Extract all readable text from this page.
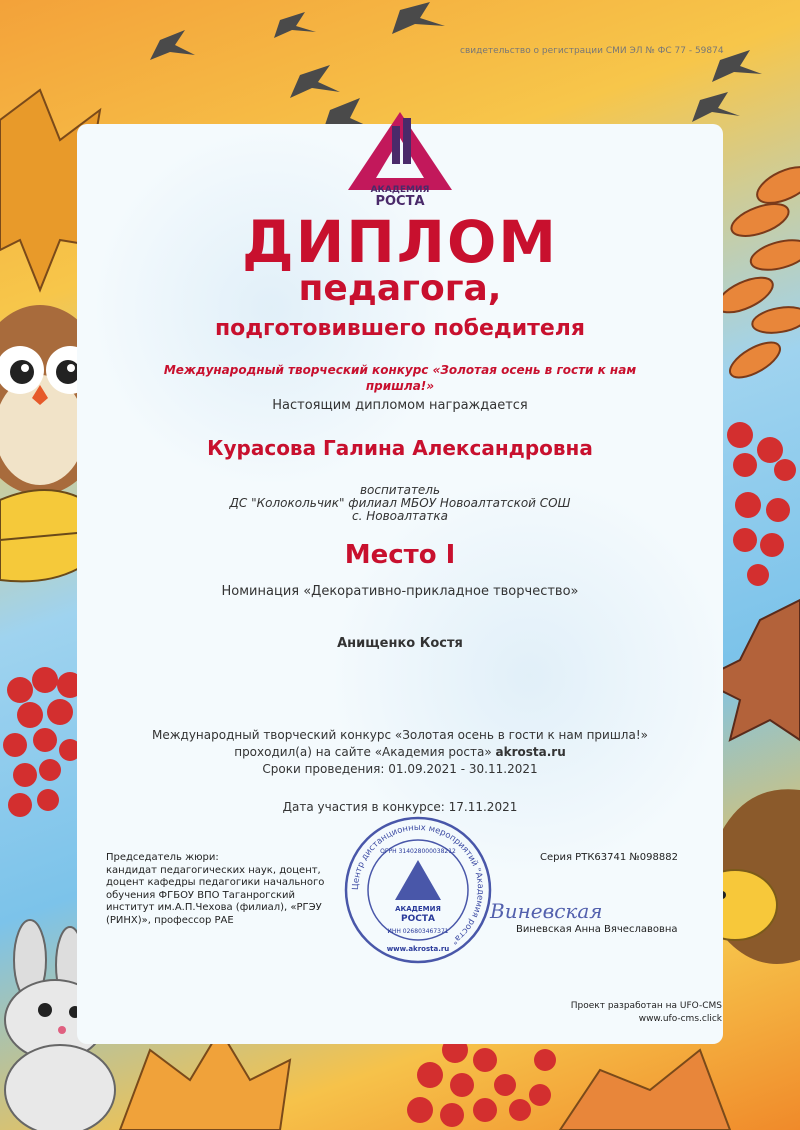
свидетельство о регистрации СМИ ЭЛ № ФС 77 - 59874
АКАДЕМИЯ
РОСТА
ДИПЛОМ
педагога,
подготовившего победителя
Международный творческий конкурс «Золотая осень в гости к нам пришла!»
Настоящим дипломом награждается
Курасова Галина Александровна
воспитатель
ДС "Колокольчик" филиал МБОУ Новоалтатской СОШ
с. Новоалтатка
Место I
Номинация «Декоративно-прикладное творчество»
Анищенко Костя
Международный творческий конкурс «Золотая осень в гости к нам пришла!»
проходил(а) на сайте «Академия роста» akrosta.ru
Сроки проведения: 01.09.2021 - 30.11.2021
Дата участия в конкурсе: 17.11.2021
Председатель жюри:
кандидат педагогических наук, доцент,
доцент кафедры педагогики начального
обучения ФГБОУ ВПО Таганрогский
институт им.А.П.Чехова (филиал), «РГЭУ
(РИНХ)», профессор РАЕ
Серия РТК63741 №098882
Центр дистанционных мероприятий "Академия роста"
АКАДЕМИЯ
РОСТА
ОГРН 314028000038212
ИНН 026803467371
www.akrosta.ru
Виневская
Виневская Анна Вячеславовна
Проект разработан на UFO-CMS
www.ufo-cms.click
